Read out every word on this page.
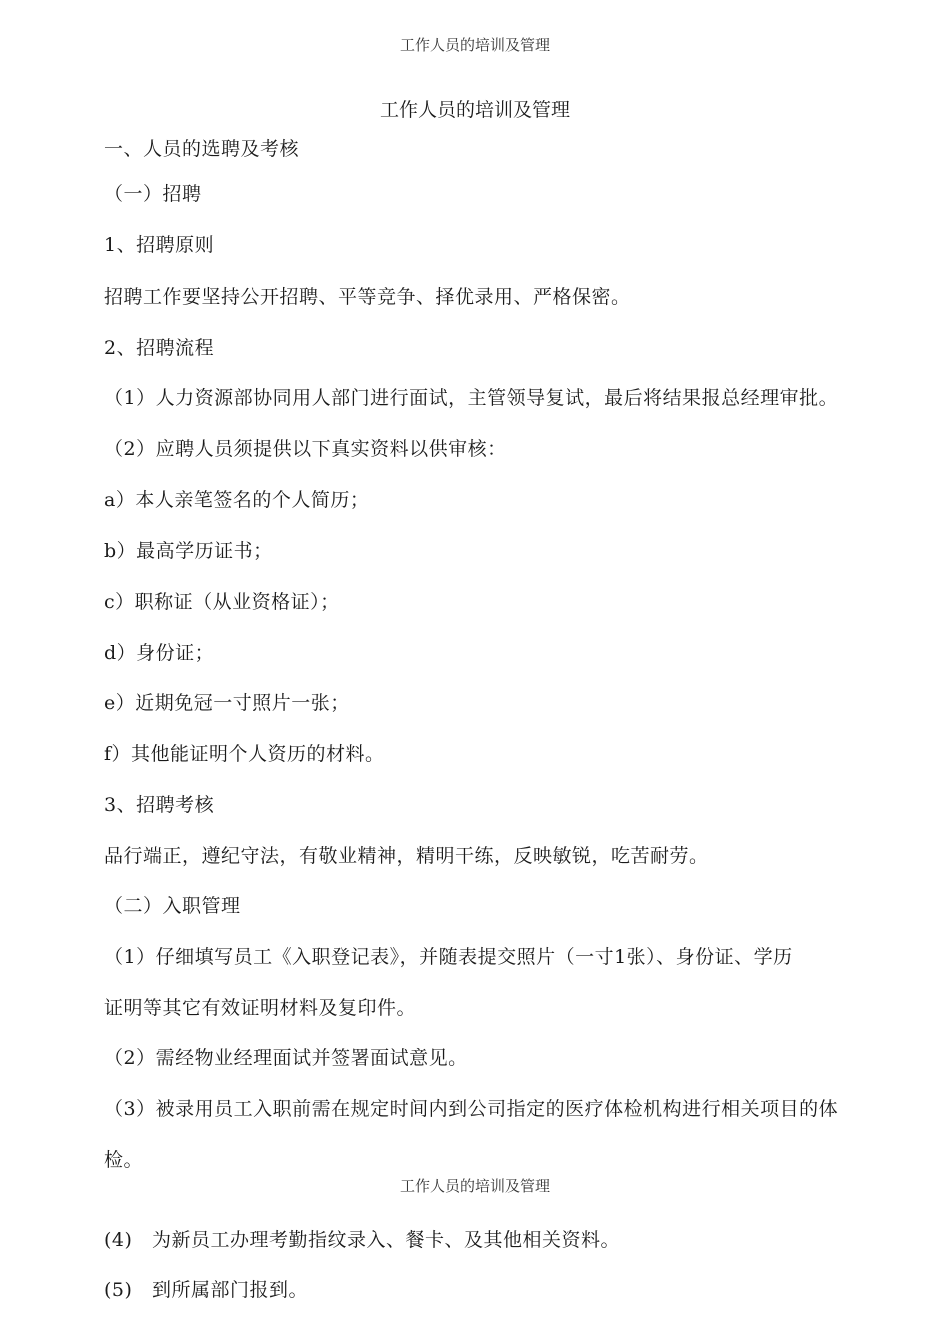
工作人员的培训及管理
工作人员的培训及管理
一、人员的选聘及考核
（一）招聘
1、招聘原则
招聘工作要坚持公开招聘、平等竞争、择优录用、严格保密。
2、招聘流程
（1）人力资源部协同用人部门进行面试，主管领导复试，最后将结果报总经理审批。
（2）应聘人员须提供以下真实资料以供审核：
a）本人亲笔签名的个人简历；
b）最高学历证书；
c）职称证（从业资格证）；
d）身份证；
e）近期免冠一寸照片一张；
f）其他能证明个人资历的材料。
3、招聘考核
品行端正，遵纪守法，有敬业精神，精明干练，反映敏锐，吃苦耐劳。
（二）入职管理
（1）仔细填写员工《入职登记表》，并随表提交照片（一寸1张）、身份证、学历
证明等其它有效证明材料及复印件。
（2）需经物业经理面试并签署面试意见。
（3）被录用员工入职前需在规定时间内到公司指定的医疗体检机构进行相关项目的体
检。
工作人员的培训及管理
(4)   为新员工办理考勤指纹录入、餐卡、及其他相关资料。
(5)   到所属部门报到。
